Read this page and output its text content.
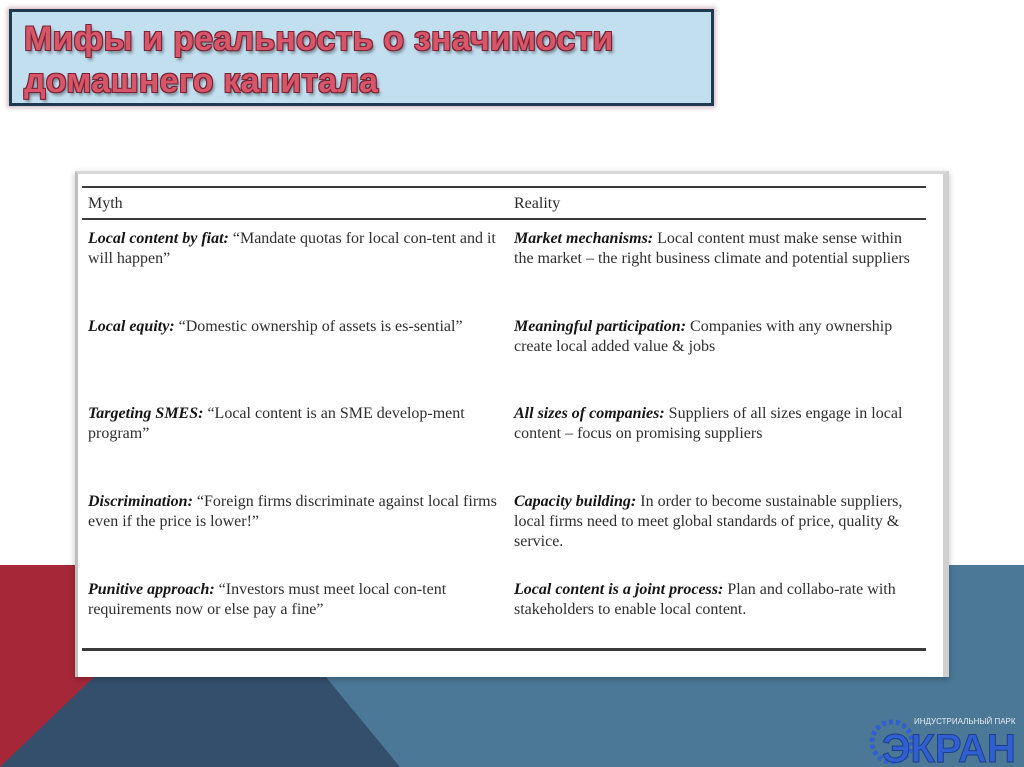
Мифы и реальность о значимости домашнего капитала
Myth	Reality
Local content by fiat: “Mandate quotas for local con-tent and it will happen”
Market mechanisms: Local content must make sense within the market – the right business climate and potential suppliers
Local equity: “Domestic ownership of assets is es-sential”	Meaningful participation: Companies with any ownership create local added value & jobs
Targeting SMES: “Local content is an SME develop-ment program”
All sizes of companies: Suppliers of all sizes engage in local content – focus on promising suppliers
Discrimination: “Foreign firms discriminate against local firms even if the price is lower!”
Capacity building: In order to become sustainable suppliers, local firms need to meet global standards of price, quality & service.
Punitive approach: “Investors must meet local con-tent requirements now or else pay a fine”
Local content is a joint process: Plan and collabo-rate with stakeholders to enable local content.
ИНДУСТРИАЛЬНЫЙ ПАРК
ЭКРАН
